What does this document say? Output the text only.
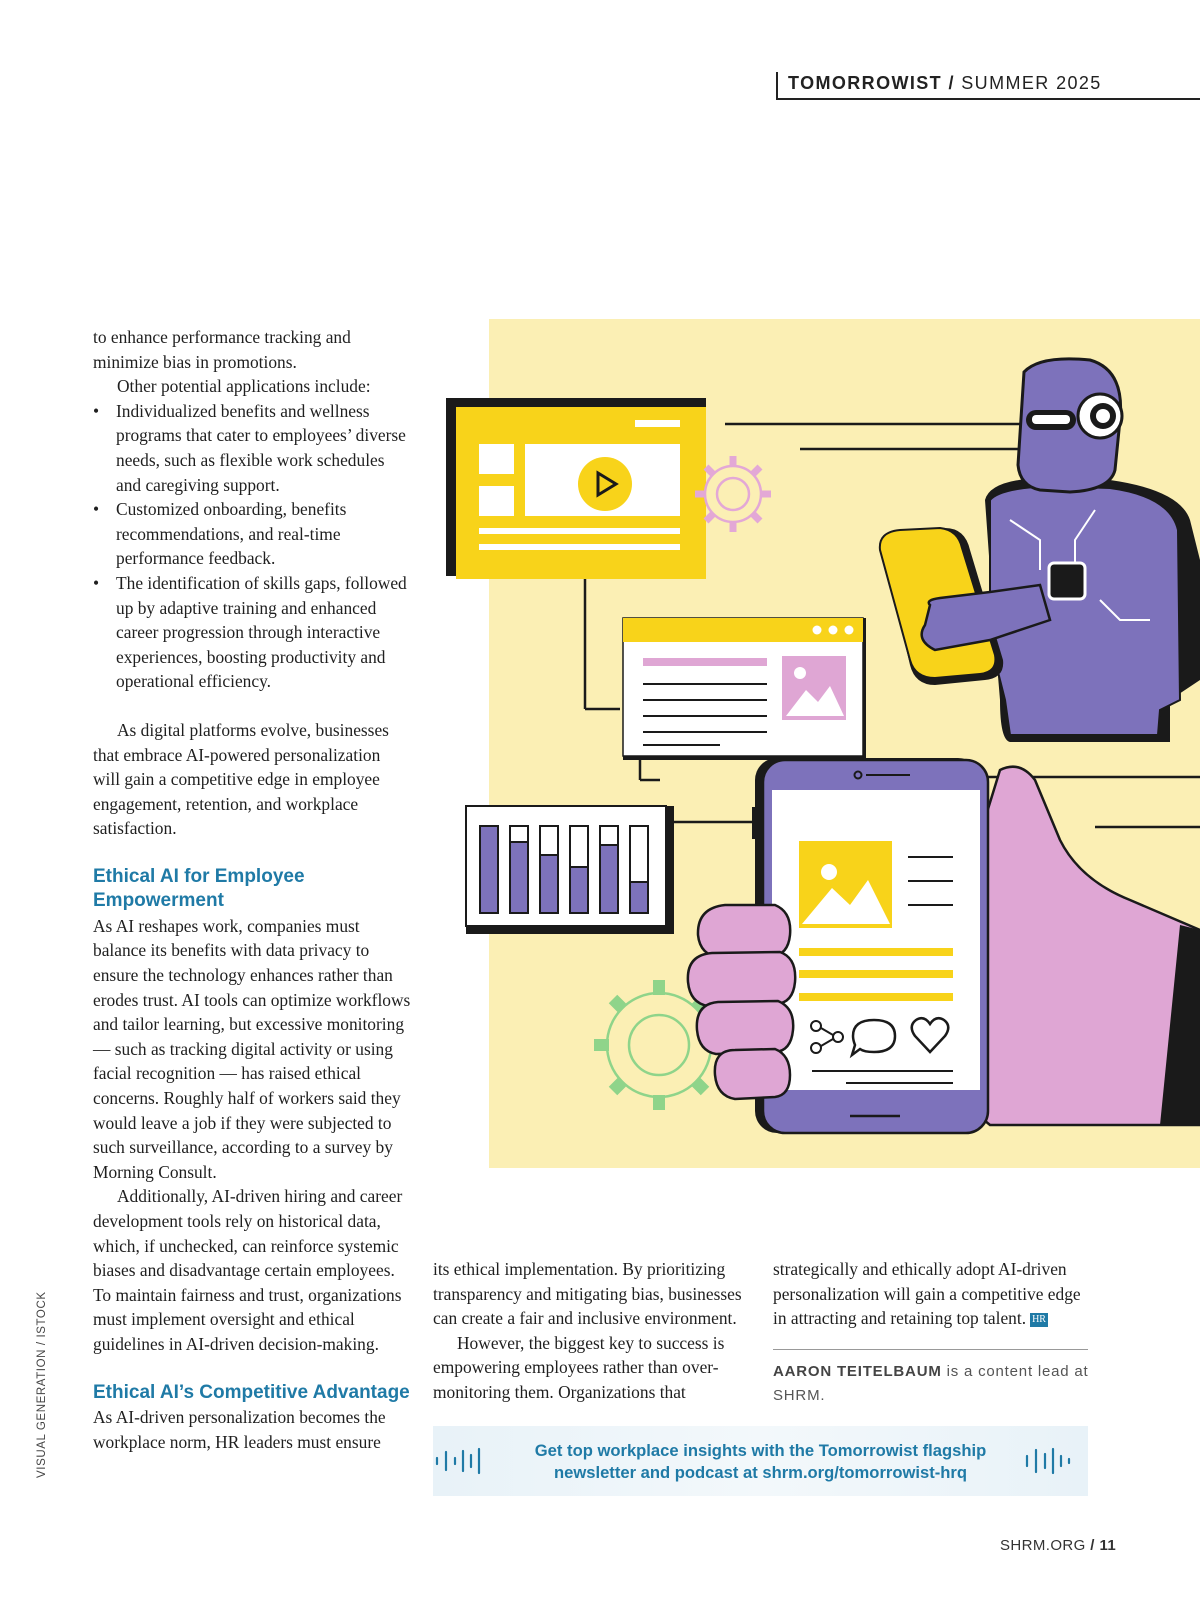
TOMORROWIST / SUMMER 2025

to enhance performance tracking and minimize bias in promotions.

Other potential applications include:

• Individualized benefits and wellness programs that cater to employees’ diverse needs, such as flexible work schedules and caregiving support.
• Customized onboarding, benefits recommendations, and real-time performance feedback.
• The identification of skills gaps, followed up by adaptive training and enhanced career progression through interactive experiences, boosting productivity and operational efficiency.

As digital platforms evolve, businesses that embrace AI-powered personalization will gain a competitive edge in employee engagement, retention, and workplace satisfaction.

Ethical AI for Employee Empowerment

As AI reshapes work, companies must balance its benefits with data privacy to ensure the technology enhances rather than erodes trust. AI tools can optimize workflows and tailor learning, but excessive monitoring — such as tracking digital activity or using facial recognition — has raised ethical concerns. Roughly half of workers said they would leave a job if they were subjected to such surveillance, according to a survey by Morning Consult.

Additionally, AI-driven hiring and career development tools rely on historical data, which, if unchecked, can reinforce systemic biases and disadvantage certain employees. To maintain fairness and trust, organizations must implement oversight and ethical guidelines in AI-driven decision-making.

Ethical AI’s Competitive Advantage

As AI-driven personalization becomes the workplace norm, HR leaders must ensure

its ethical implementation. By prioritizing transparency and mitigating bias, businesses can create a fair and inclusive environment.

However, the biggest key to success is empowering employees rather than over-monitoring them. Organizations that

strategically and ethically adopt AI-driven personalization will gain a competitive edge in attracting and retaining top talent. HR

AARON TEITELBAUM is a content lead at SHRM.
Get top workplace insights with the Tomorrowist flagship newsletter and podcast at shrm.org/tomorrowist-hrq
VISUAL GENERATION / ISTOCK
SHRM.ORG / 11
